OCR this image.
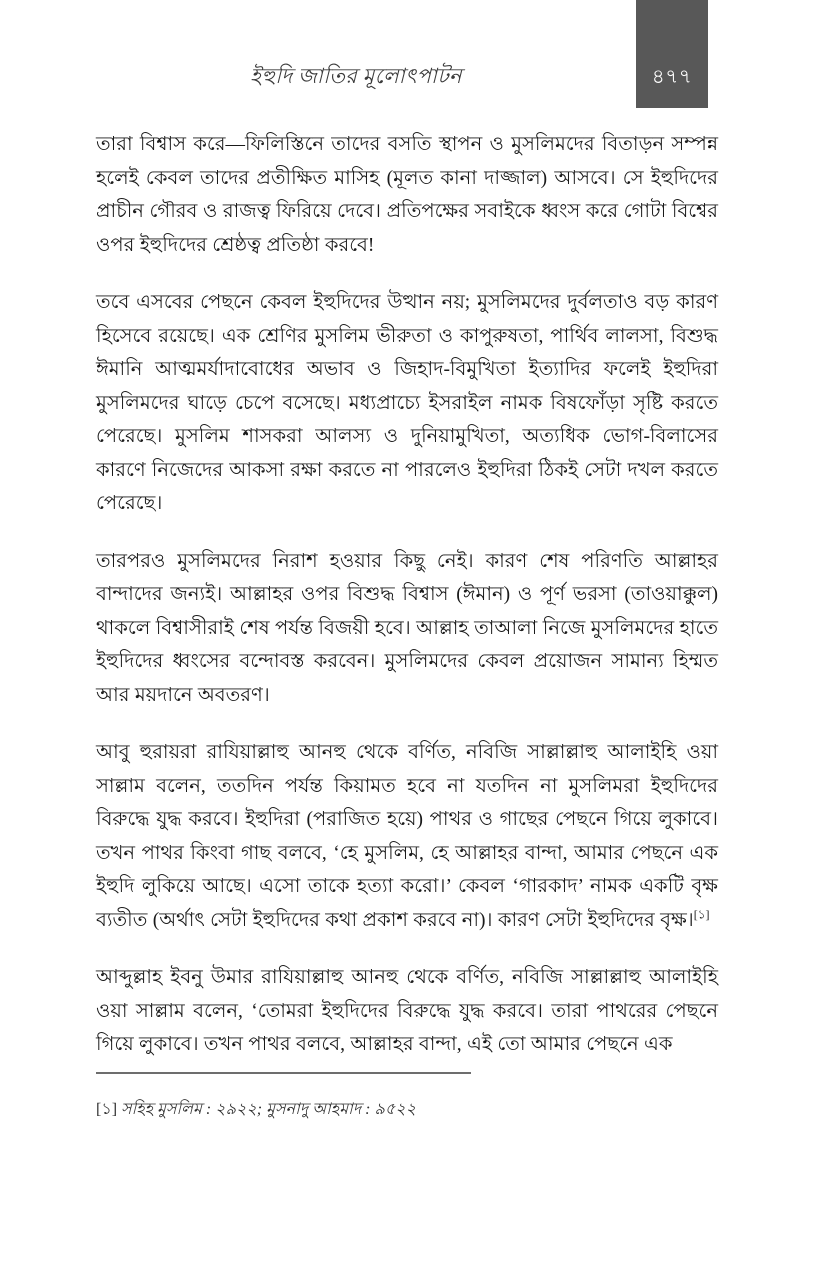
ইহুদি জাতির মূলোৎপাটন	৪৭৭

তারা বিশ্বাস করে—ফিলিস্তিনে তাদের বসতি স্থাপন ও মুসলিমদের বিতাড়ন সম্পন্ন হলেই কেবল তাদের প্রতীক্ষিত মাসিহ (মূলত কানা দাজ্জাল) আসবে। সে ইহুদিদের প্রাচীন গৌরব ও রাজত্ব ফিরিয়ে দেবে। প্রতিপক্ষের সবাইকে ধ্বংস করে গোটা বিশ্বের ওপর ইহুদিদের শ্রেষ্ঠত্ব প্রতিষ্ঠা করবে!

তবে এসবের পেছনে কেবল ইহুদিদের উত্থান নয়; মুসলিমদের দুর্বলতাও বড় কারণ হিসেবে রয়েছে। এক শ্রেণির মুসলিম ভীরুতা ও কাপুরুষতা, পার্থিব লালসা, বিশুদ্ধ ঈমানি আত্মমর্যাদাবোধের অভাব ও জিহাদ-বিমুখিতা ইত্যাদির ফলেই ইহুদিরা মুসলিমদের ঘাড়ে চেপে বসেছে। মধ্যপ্রাচ্যে ইসরাইল নামক বিষফোঁড়া সৃষ্টি করতে পেরেছে। মুসলিম শাসকরা আলস্য ও দুনিয়ামুখিতা, অত্যধিক ভোগ-বিলাসের কারণে নিজেদের আকসা রক্ষা করতে না পারলেও ইহুদিরা ঠিকই সেটা দখল করতে পেরেছে।

তারপরও মুসলিমদের নিরাশ হওয়ার কিছু নেই। কারণ শেষ পরিণতি আল্লাহর বান্দাদের জন্যই। আল্লাহর ওপর বিশুদ্ধ বিশ্বাস (ঈমান) ও পূর্ণ ভরসা (তাওয়াক্কুল) থাকলে বিশ্বাসীরাই শেষ পর্যন্ত বিজয়ী হবে। আল্লাহ তাআলা নিজে মুসলিমদের হাতে ইহুদিদের ধ্বংসের বন্দোবস্ত করবেন। মুসলিমদের কেবল প্রয়োজন সামান্য হিম্মত আর ময়দানে অবতরণ।

আবু হুরায়রা রাযিয়াল্লাহু আনহু থেকে বর্ণিত, নবিজি সাল্লাল্লাহু আলাইহি ওয়া সাল্লাম বলেন, ততদিন পর্যন্ত কিয়ামত হবে না যতদিন না মুসলিমরা ইহুদিদের বিরুদ্ধে যুদ্ধ করবে। ইহুদিরা (পরাজিত হয়ে) পাথর ও গাছের পেছনে গিয়ে লুকাবে। তখন পাথর কিংবা গাছ বলবে, ‘হে মুসলিম, হে আল্লাহর বান্দা, আমার পেছনে এক ইহুদি লুকিয়ে আছে। এসো তাকে হত্যা করো।’ কেবল ‘গারকাদ’ নামক একটি বৃক্ষ ব্যতীত (অর্থাৎ সেটা ইহুদিদের কথা প্রকাশ করবে না)। কারণ সেটা ইহুদিদের বৃক্ষ।[১]

আব্দুল্লাহ ইবনু উমার রাযিয়াল্লাহু আনহু থেকে বর্ণিত, নবিজি সাল্লাল্লাহু আলাইহি ওয়া সাল্লাম বলেন, ‘তোমরা ইহুদিদের বিরুদ্ধে যুদ্ধ করবে। তারা পাথরের পেছনে গিয়ে লুকাবে। তখন পাথর বলবে, আল্লাহর বান্দা, এই তো আমার পেছনে এক

[১] সহিহ মুসলিম : ২৯২২; মুসনাদু আহমাদ : ৯৫২২
